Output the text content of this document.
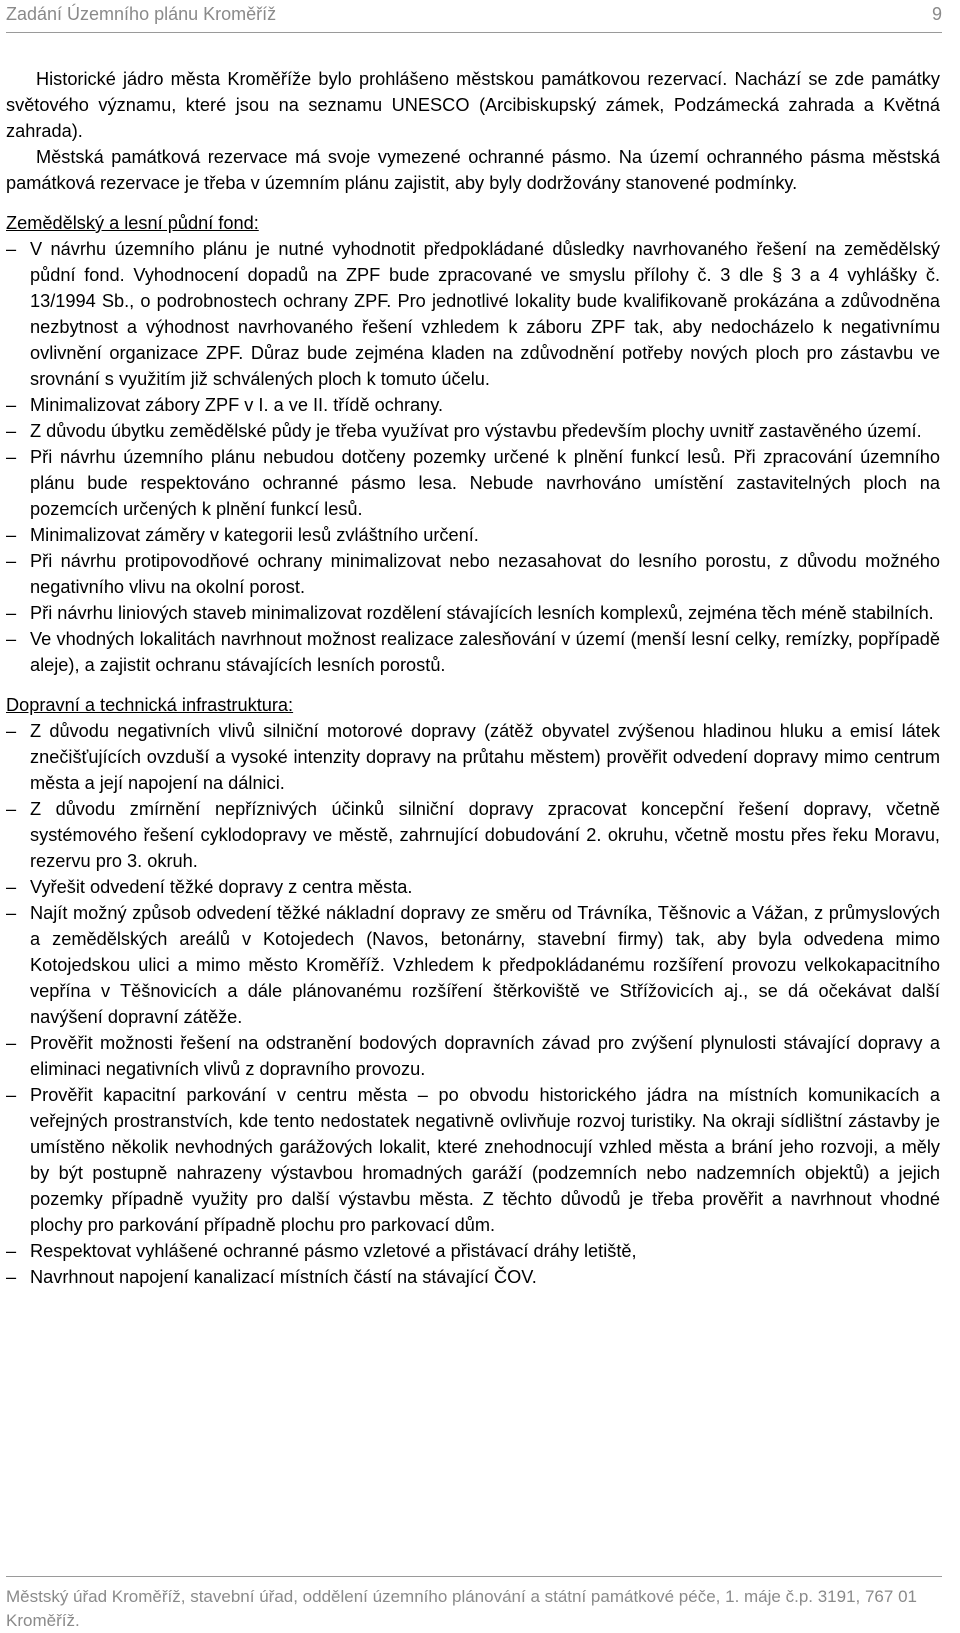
Zadání Územního plánu Kroměříž	9

Historické jádro města Kroměříže bylo prohlášeno městskou památkovou rezervací. Nachází se zde památky světového významu, které jsou na seznamu UNESCO (Arcibiskupský zámek, Podzámecká zahrada a Květná zahrada).

Městská památková rezervace má svoje vymezené ochranné pásmo. Na území ochranného pásma městská památková rezervace je třeba v územním plánu zajistit, aby byly dodržovány stanovené podmínky.

Zemědělský a lesní půdní fond:

– V návrhu územního plánu je nutné vyhodnotit předpokládané důsledky navrhovaného řešení na zemědělský půdní fond. Vyhodnocení dopadů na ZPF bude zpracované ve smyslu přílohy č. 3 dle § 3 a 4 vyhlášky č. 13/1994 Sb., o podrobnostech ochrany ZPF. Pro jednotlivé lokality bude kvalifikovaně prokázána a zdůvodněna nezbytnost a výhodnost navrhovaného řešení vzhledem k záboru ZPF tak, aby nedocházelo k negativnímu ovlivnění organizace ZPF. Důraz bude zejména kladen na zdůvodnění potřeby nových ploch pro zástavbu ve srovnání s využitím již schválených ploch k tomuto účelu.
– Minimalizovat zábory ZPF v I. a ve II. třídě ochrany.
– Z důvodu úbytku zemědělské půdy je třeba využívat pro výstavbu především plochy uvnitř zastavěného území.
– Při návrhu územního plánu nebudou dotčeny pozemky určené k plnění funkcí lesů. Při zpracování územního plánu bude respektováno ochranné pásmo lesa. Nebude navrhováno umístění zastavitelných ploch na pozemcích určených k plnění funkcí lesů.
– Minimalizovat záměry v kategorii lesů zvláštního určení.
– Při návrhu protipovodňové ochrany minimalizovat nebo nezasahovat do lesního porostu, z důvodu možného negativního vlivu na okolní porost.
– Při návrhu liniových staveb minimalizovat rozdělení stávajících lesních komplexů, zejména těch méně stabilních.
– Ve vhodných lokalitách navrhnout možnost realizace zalesňování v území (menší lesní celky, remízky, popřípadě aleje), a zajistit ochranu stávajících lesních porostů.

Dopravní a technická infrastruktura:

– Z důvodu negativních vlivů silniční motorové dopravy (zátěž obyvatel zvýšenou hladinou hluku a emisí látek znečišťujících ovzduší a vysoké intenzity dopravy na průtahu městem) prověřit odvedení dopravy mimo centrum města a její napojení na dálnici.
– Z důvodu zmírnění nepříznivých účinků silniční dopravy zpracovat koncepční řešení dopravy, včetně systémového řešení cyklodopravy ve městě, zahrnující dobudování 2. okruhu, včetně mostu přes řeku Moravu, rezervu pro 3. okruh.
– Vyřešit odvedení těžké dopravy z centra města.
– Najít možný způsob odvedení těžké nákladní dopravy ze směru od Trávníka, Těšnovic a Vážan, z průmyslových a zemědělských areálů v Kotojedech (Navos, betonárny, stavební firmy) tak, aby byla odvedena mimo Kotojedskou ulici a mimo město Kroměříž. Vzhledem k předpokládanému rozšíření provozu velkokapacitního vepřína v Těšnovicích a dále plánovanému rozšíření štěrkoviště ve Střížovicích aj., se dá očekávat další navýšení dopravní zátěže.
– Prověřit možnosti řešení na odstranění bodových dopravních závad pro zvýšení plynulosti stávající dopravy a eliminaci negativních vlivů z dopravního provozu.
– Prověřit kapacitní parkování v centru města – po obvodu historického jádra na místních komunikacích a veřejných prostranstvích, kde tento nedostatek negativně ovlivňuje rozvoj turistiky. Na okraji sídlištní zástavby je umístěno několik nevhodných garážových lokalit, které znehodnocují vzhled města a brání jeho rozvoji, a měly by být postupně nahrazeny výstavbou hromadných garáží (podzemních nebo nadzemních objektů) a jejich pozemky případně využity pro další výstavbu města. Z těchto důvodů je třeba prověřit a navrhnout vhodné plochy pro parkování případně plochu pro parkovací dům.
– Respektovat vyhlášené ochranné pásmo vzletové a přistávací dráhy letiště,
– Navrhnout napojení kanalizací místních částí na stávající ČOV.
Městský úřad Kroměříž, stavební úřad, oddělení územního plánování a státní památkové péče, 1. máje č.p. 3191, 767 01 Kroměříž.
